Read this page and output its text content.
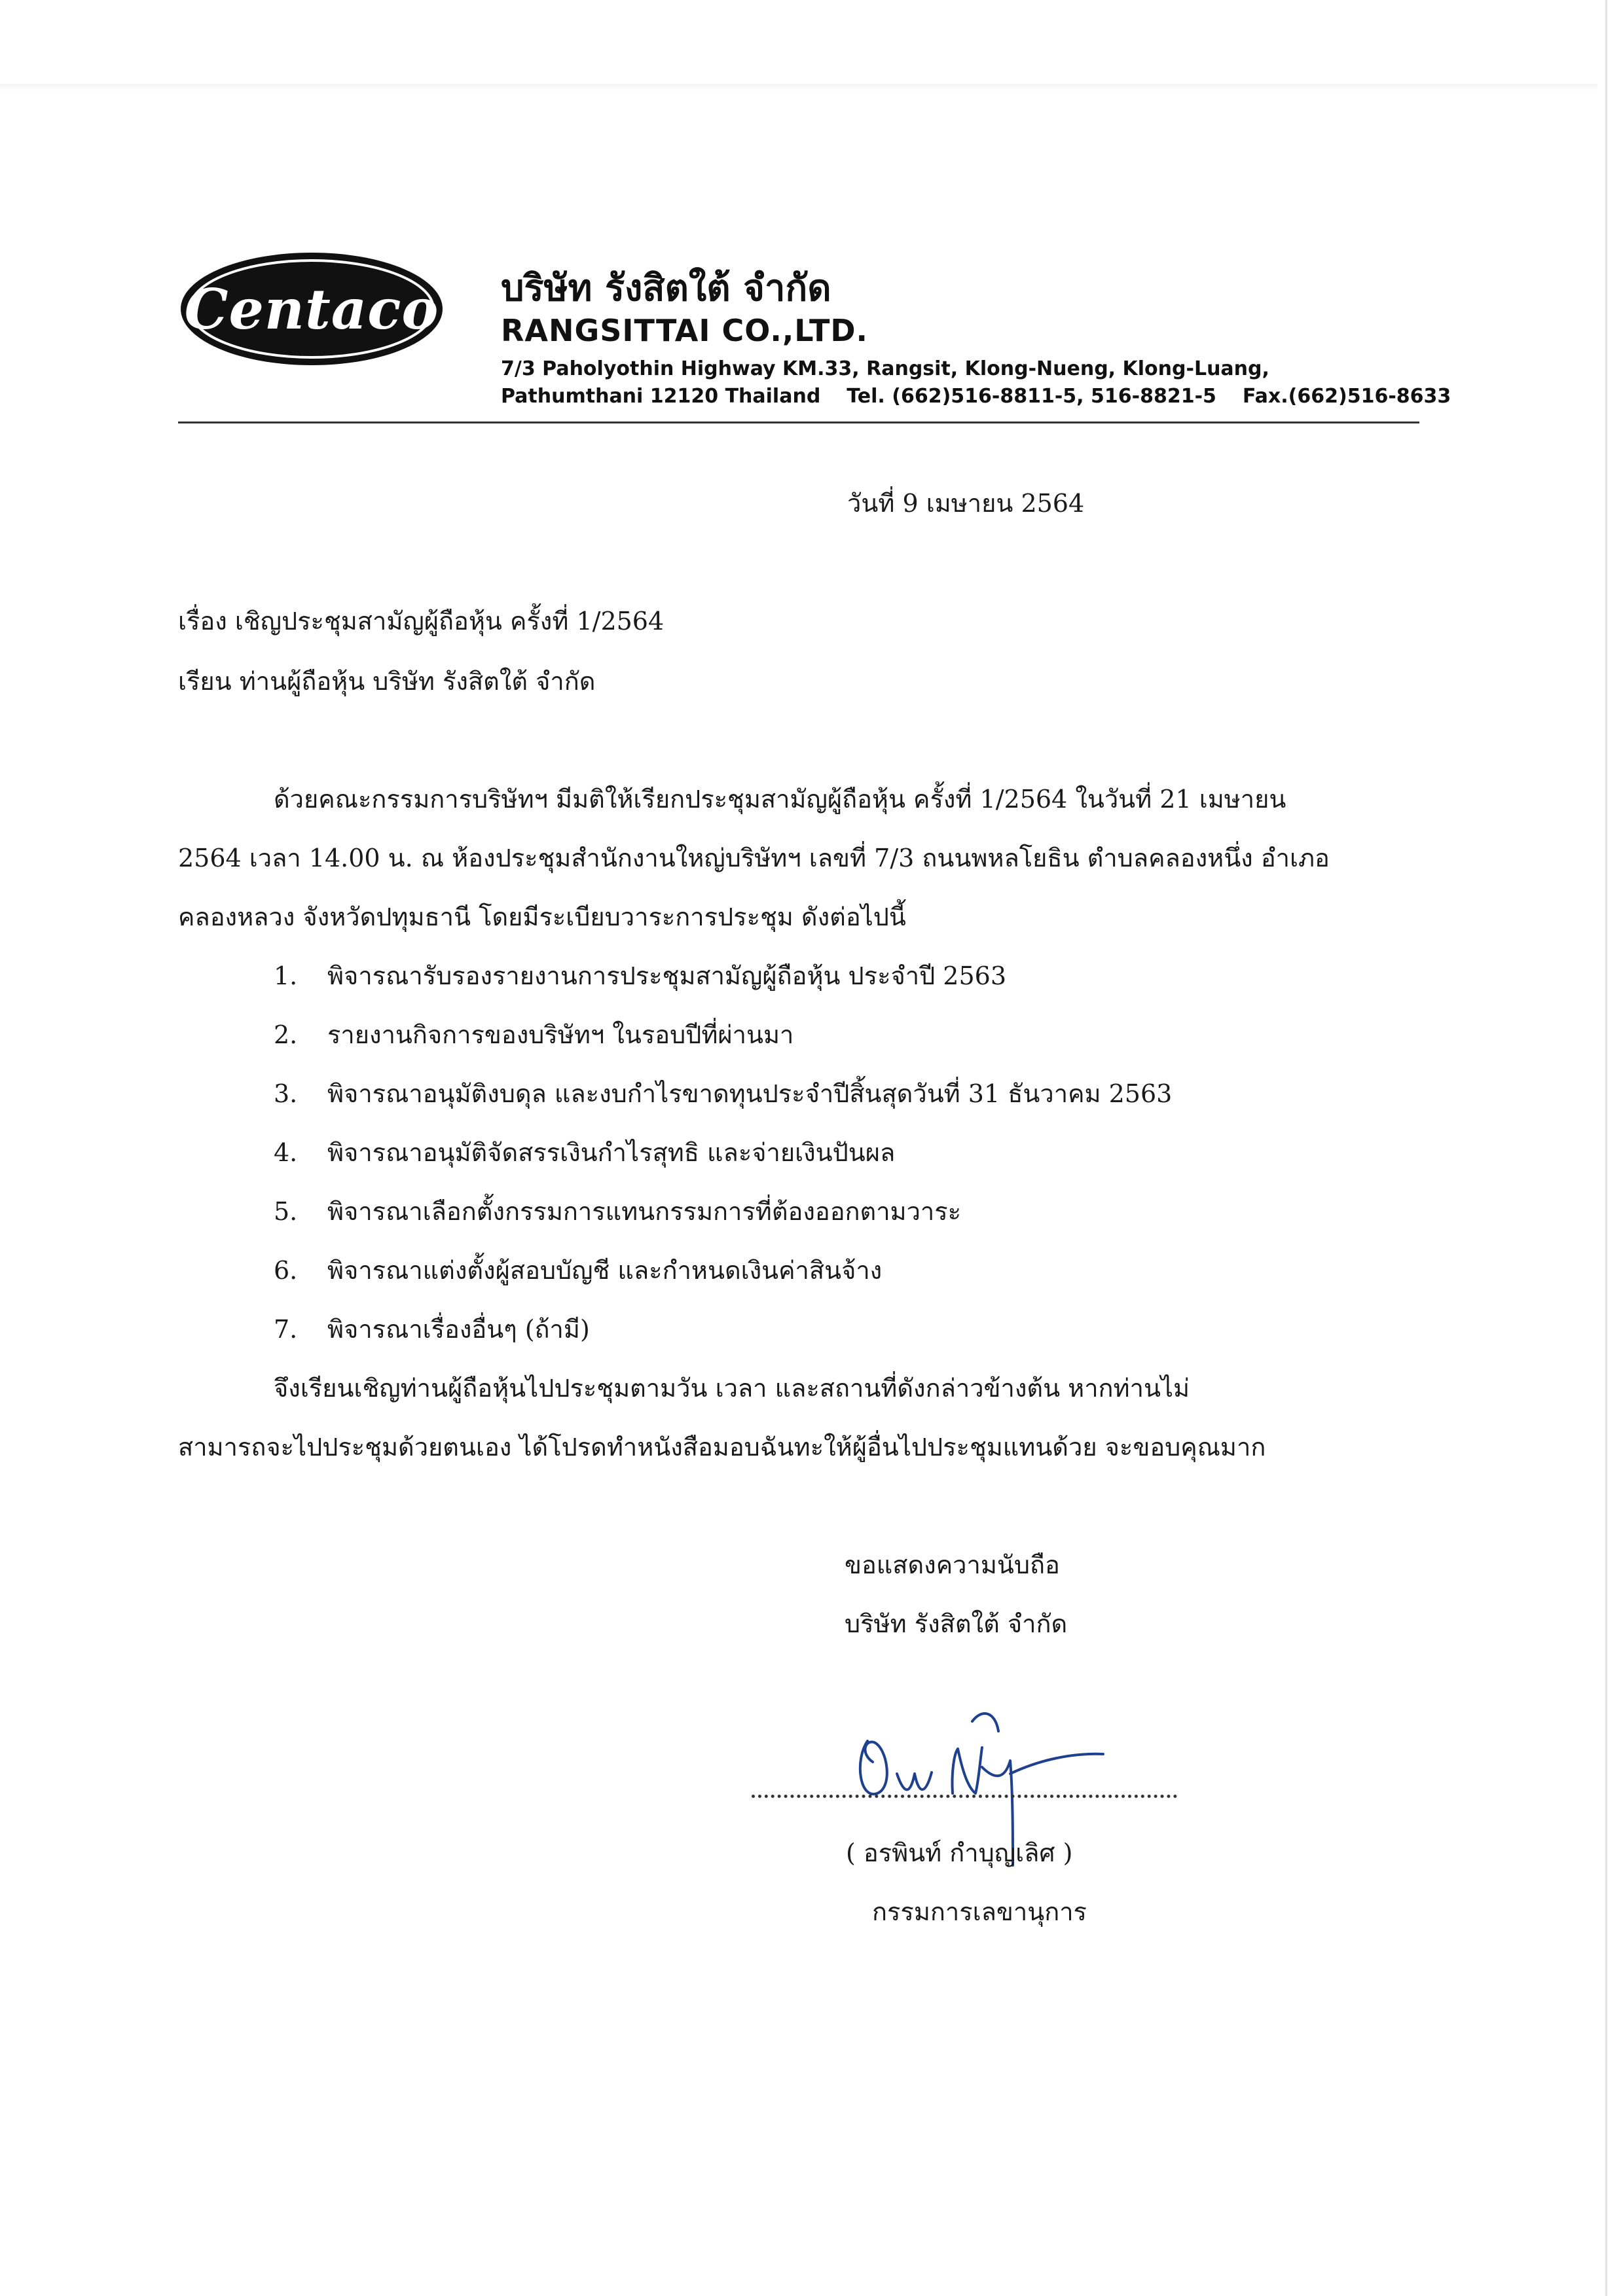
Centaco บริษัท รังสิตใต้ จำกัด
RANGSITTAI CO.,LTD.
7/3 Paholyothin Highway KM.33, Rangsit, Klong-Nueng, Klong-Luang,
Pathumthani 12120 Thailand Tel. (662)516-8811-5, 516-8821-5 Fax.(662)516-8633
วันที่ 9 เมษายน 2564
เรื่อง เชิญประชุมสามัญผู้ถือหุ้น ครั้งที่ 1/2564
เรียน ท่านผู้ถือหุ้น บริษัท รังสิตใต้ จำกัด
ด้วยคณะกรรมการบริษัทฯ มีมติให้เรียกประชุมสามัญผู้ถือหุ้น ครั้งที่ 1/2564 ในวันที่ 21 เมษายน
2564 เวลา 14.00 น. ณ ห้องประชุมสำนักงานใหญ่บริษัทฯ เลขที่ 7/3 ถนนพหลโยธิน ตำบลคลองหนึ่ง อำเภอ
คลองหลวง จังหวัดปทุมธานี โดยมีระเบียบวาระการประชุม ดังต่อไปนี้
1. พิจารณารับรองรายงานการประชุมสามัญผู้ถือหุ้น ประจำปี 2563
2. รายงานกิจการของบริษัทฯ ในรอบปีที่ผ่านมา
3. พิจารณาอนุมัติงบดุล และงบกำไรขาดทุนประจำปีสิ้นสุดวันที่ 31 ธันวาคม 2563
4. พิจารณาอนุมัติจัดสรรเงินกำไรสุทธิ และจ่ายเงินปันผล
5. พิจารณาเลือกตั้งกรรมการแทนกรรมการที่ต้องออกตามวาระ
6. พิจารณาแต่งตั้งผู้สอบบัญชี และกำหนดเงินค่าสินจ้าง
7. พิจารณาเรื่องอื่นๆ (ถ้ามี)
จึงเรียนเชิญท่านผู้ถือหุ้นไปประชุมตามวัน เวลา และสถานที่ดังกล่าวข้างต้น หากท่านไม่
สามารถจะไปประชุมด้วยตนเอง ได้โปรดทำหนังสือมอบฉันทะให้ผู้อื่นไปประชุมแทนด้วย จะขอบคุณมาก
ขอแสดงความนับถือ
บริษัท รังสิตใต้ จำกัด
( อรพินท์ กำบุญเลิศ )
กรรมการเลขานุการ
